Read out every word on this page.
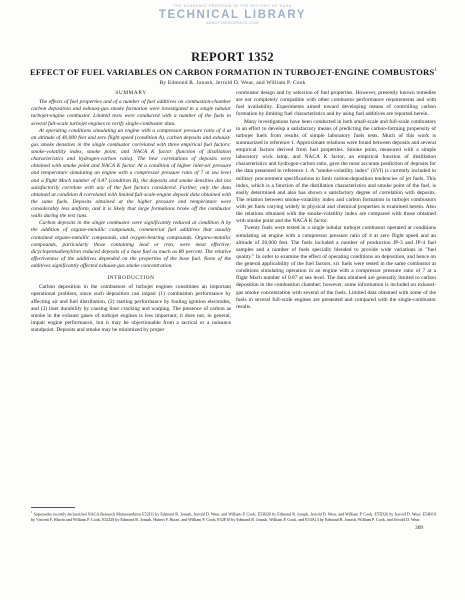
THE ACADEMIC PROGRAM IN THE HISTORY OF NASA
TECHNICAL LIBRARY
ABBOTTAEROSPACE.COM
REPORT 1352
EFFECT OF FUEL VARIABLES ON CARBON FORMATION IN TURBOJET-ENGINE COMBUSTORS$^1$
By Edmond R. Jonash, Jerrold D. Wear, and William P. Cook
SUMMARY

The effects of fuel properties and of a number of fuel additives on combustion-chamber carbon deposition and exhaust-gas smoke formation were investigated in a single tubular turbojet-engine combustor. Limited tests were conducted with a number of the fuels in several full-scale turbojet engines to verify single-combustor data.

At operating conditions simulating an engine with a compressor pressure ratio of 4 at an altitude of 40,000 feet and zero flight speed (condition A), carbon deposits and exhaust-gas smoke densities in the single combustor correlated with three empirical fuel factors: smoke-volatility index, smoke point, and NACA K factor (function of distillation characteristics and hydrogen-carbon ratio). The best correlations of deposits were obtained with smoke point and NACA K factor. At a condition of higher inlet-air pressure and temperature simulating an engine with a compressor pressure ratio of 7 at sea level and a flight Mach number of 0.87 (condition B), the deposits and smoke densities did not satisfactorily correlate with any of the fuel factors considered. Further, only the data obtained at condition A correlated with limited full-scale-engine deposit data obtained with the same fuels. Deposits obtained at the higher pressure and temperature were considerably less uniform, and it is likely that large formations broke off the combustor walls during the test runs.

Carbon deposits in the single combustor were significantly reduced at condition A by the addition of organo-metallic compounds, commercial fuel additives that usually contained organo-metallic compounds, and oxygen-bearing compounds. Organo-metallic compounds, particularly those containing lead or iron, were most effective: dicyclopentadienyliron reduced deposits of a base fuel as much as 80 percent. The relative effectiveness of the additives depended on the properties of the base fuel. None of the additives significantly affected exhaust-gas smoke concentration.

INTRODUCTION

Carbon deposition in the combustors of turbojet engines constitutes an important operational problem, since such deposition can impair (1) combustion performance by affecting air and fuel distribution, (2) starting performance by fouling ignition electrodes, and (3) liner durability by causing liner cracking and warping. The presence of carbon as smoke in the exhaust gases of turbojet engines is less important; it does not, in general, impair engine performance, but it may be objectionable from a tactical or a nuisance standpoint. Deposits and smoke may be minimized by proper

combustor design and by selection of fuel properties. However, presently known remedies are not completely compatible with other combustor performance requirements and with fuel availability. Experiments aimed toward developing means of controlling carbon formation by limiting fuel characteristics and by using fuel additives are reported herein.

Many investigations have been conducted in both small-scale and full-scale combustors in an effort to develop a satisfactory means of predicting the carbon-forming propensity of turbojet fuels from results of simple laboratory fuels tests. Much of this work is summarized in reference 1. Approximate relations were found between deposits and several empirical factors derived from fuel properties. Smoke point, measured with a simple laboratory wick lamp, and NACA K factor, an empirical function of distillation characteristics and hydrogen-carbon ratio, gave the most accurate prediction of deposits for the data presented in reference 1. A "smoke-volatility index" (SVI) is currently included in military procurement specifications to limit carbon-deposition tendencies of jet fuels. This index, which is a function of the distillation characteristics and smoke point of the fuel, is easily determined and also has shown a satisfactory degree of correlation with deposits. The relation between smoke-volatility index and carbon formation in turbojet combustors with jet fuels varying widely in physical and chemical properties is examined herein. Also the relations obtained with the smoke-volatility index are compared with those obtained with smoke point and the NACA K factor.

Twenty fuels were tested in a single tubular turbojet combustor operated at conditions simulating an engine with a compressor pressure ratio of 4 at zero flight speed and an altitude of 20,000 feet. The fuels included a number of production JP-3 and JP-4 fuel samples and a number of fuels specially blended to provide wide variations in "fuel quality." In order to examine the effect of operating conditions on deposition, and hence on the general applicability of the fuel factors, six fuels were tested in the same combustor at conditions simulating operation in an engine with a compressor pressure ratio of 7 at a flight Mach number of 0.87 at sea level. The data obtained are generally limited to carbon deposition in the combustion chamber; however, some information is included on exhaust-gas smoke concentration with several of the fuels. Limited data obtained with some of the fuels in several full-scale engines are presented and compared with the single-combustor results.

$^1$ Supersedes recently declassified NACA Research Memorandums E52I11 by Edmond R. Jonash, Jerrold D. Wear, and William P. Cook; E53B26 by Edmond R. Jonash, Jerrold D. Wear, and William P. Cook; E55D26 by Jerrold D. Wear; E54B19 by Vincent F. Hlavin and William P. Cook; E52J28 by Edmond R. Jonash, Hubert F. Butze, and William P. Cook; E52F10 by Edmond R. Jonash, William P. Cook, and E53A13 by Edmond R. Jonash, William P. Cook, and Jerrold D. Wear.
309
